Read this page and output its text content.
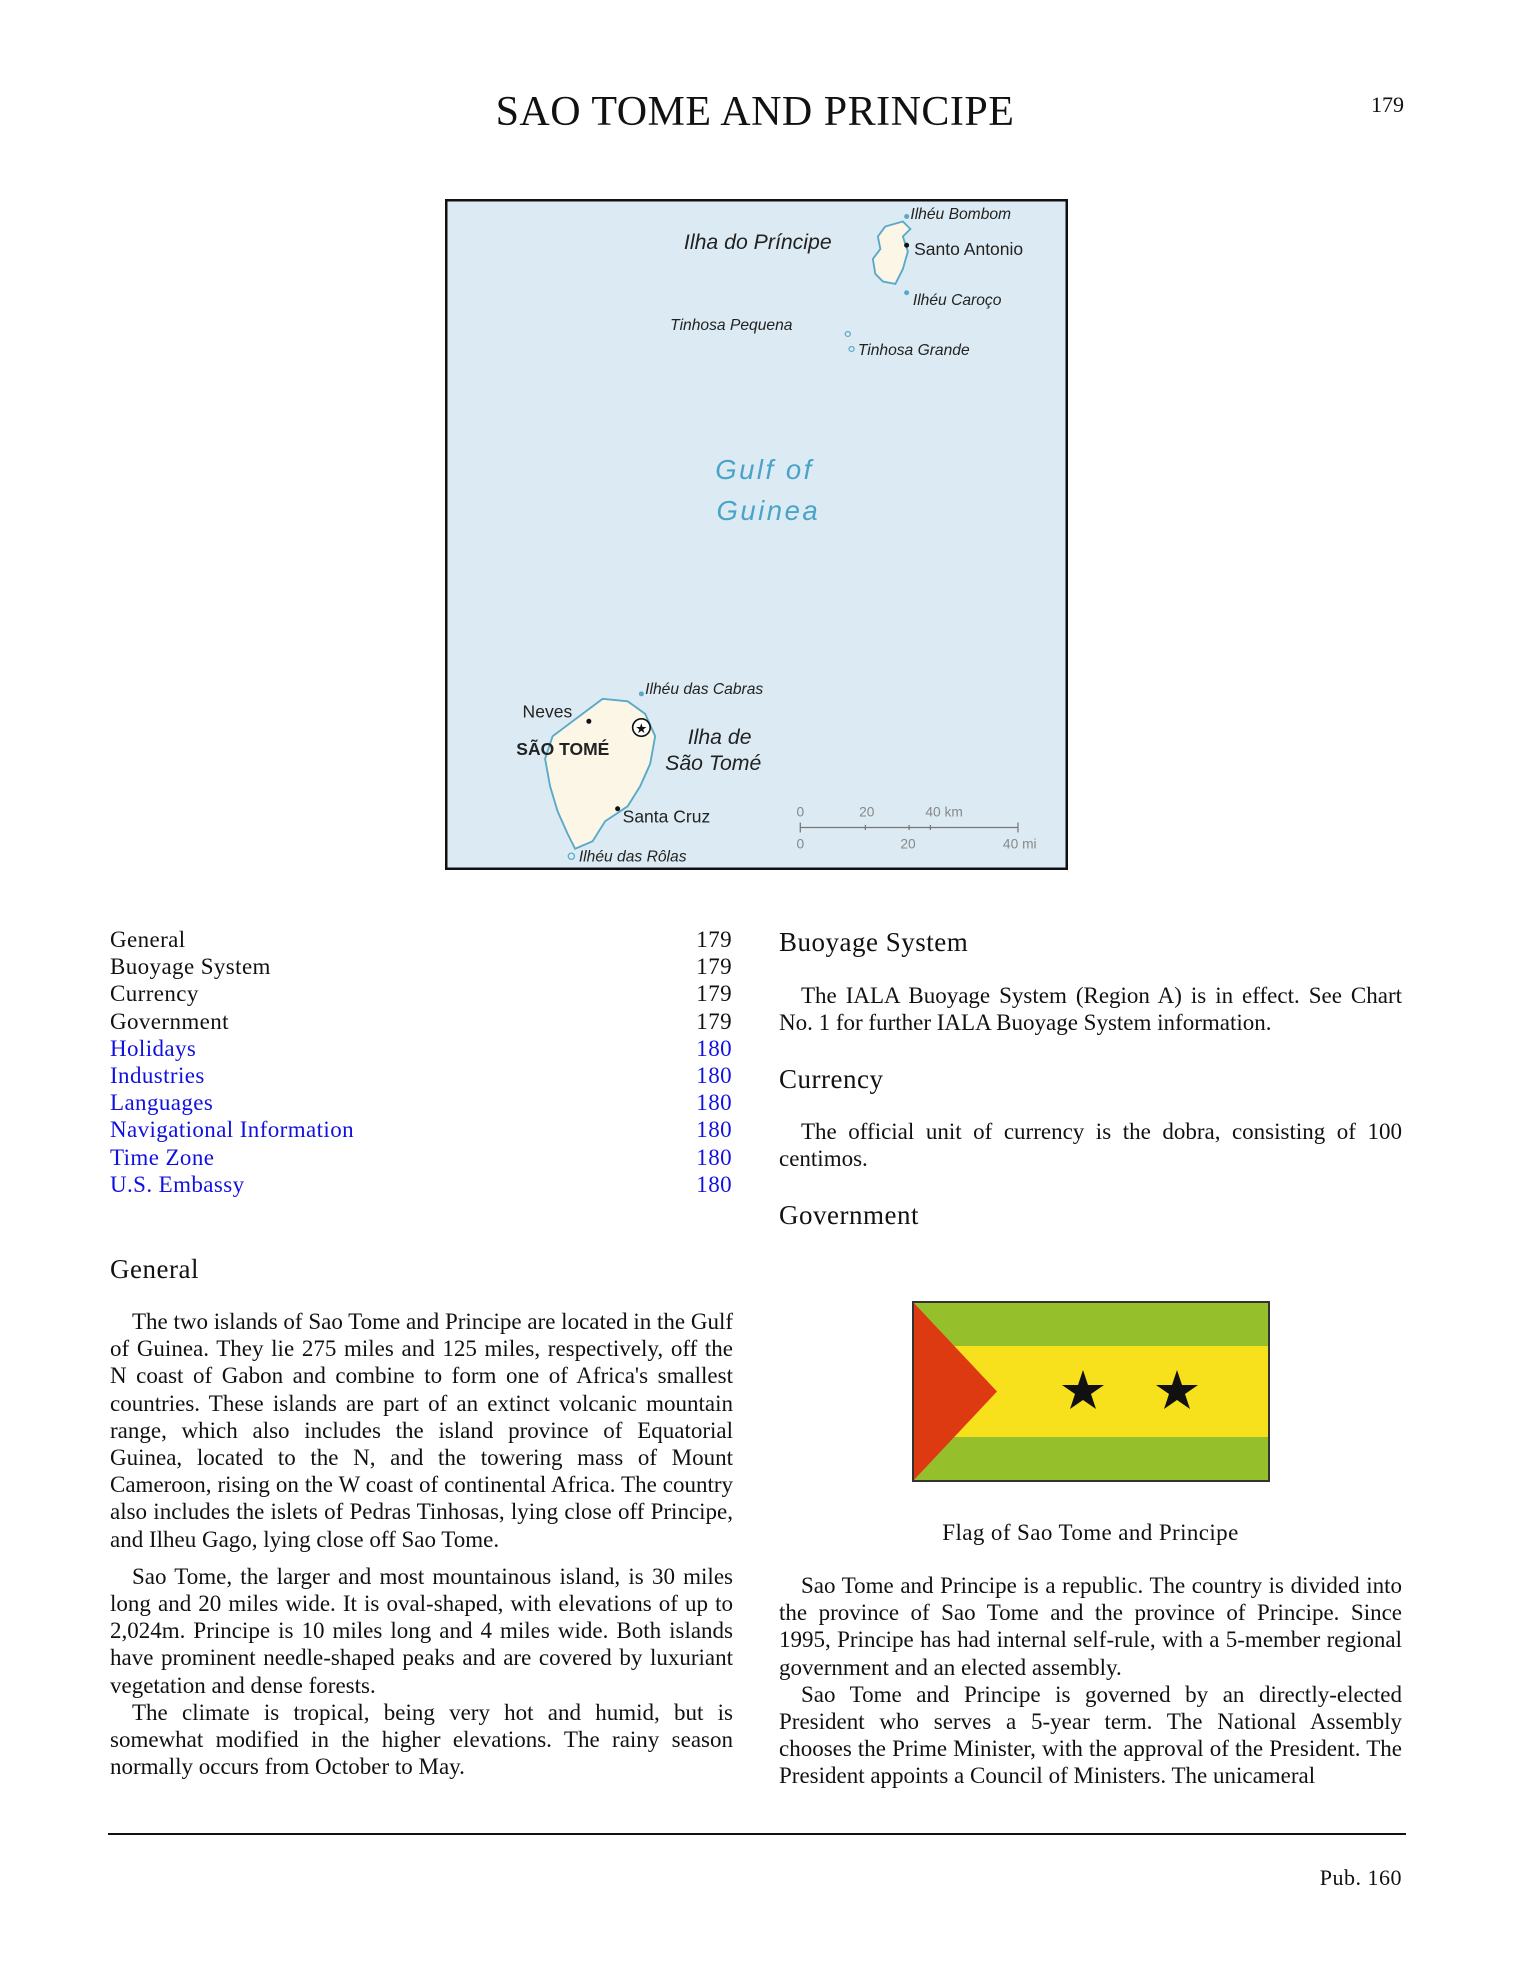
SAO TOME AND PRINCIPE	179
★
Ilhéu Bombom
Ilha do Príncipe	Santo Antonio
Ilhéu Caroço
Tinhosa Pequena
Tinhosa Grande
Gulf of
Guinea
Ilhéu das Cabras
Neves
SÃO TOMÉ
Ilha de
São Tomé
Santa Cruz
Ilhéu das Rôlas
0	20	40 km
0	20	40 mi
General	179
Buoyage System	179
Currency	179
Government	179
Holidays	180
Industries	180
Languages	180
Navigational Information	180
Time Zone	180
U.S. Embassy	180
General

The two islands of Sao Tome and Principe are located in the Gulf of Guinea. They lie 275 miles and 125 miles, respectively, off the N coast of Gabon and combine to form one of Africa's smallest countries. These islands are part of an extinct volcanic mountain range, which also includes the island province of Equatorial Guinea, located to the N, and the towering mass of Mount Cameroon, rising on the W coast of continental Africa. The country also includes the islets of Pedras Tinhosas, lying close off Principe, and Ilheu Gago, lying close off Sao Tome.

Sao Tome, the larger and most mountainous island, is 30 miles long and 20 miles wide. It is oval-shaped, with elevations of up to 2,024m. Principe is 10 miles long and 4 miles wide. Both islands have prominent needle-shaped peaks and are covered by luxuriant vegetation and dense forests.

The climate is tropical, being very hot and humid, but is somewhat modified in the higher elevations. The rainy season normally occurs from October to May.

Buoyage System

The IALA Buoyage System (Region A) is in effect. See Chart No. 1 for further IALA Buoyage System information.

Currency

The official unit of currency is the dobra, consisting of 100 centimos.

Government
Flag of Sao Tome and Principe

Sao Tome and Principe is a republic. The country is divided into the province of Sao Tome and the province of Principe. Since 1995, Principe has had internal self-rule, with a 5-member regional government and an elected assembly.

Sao Tome and Principe is governed by an directly-elected President who serves a 5-year term. The National Assembly chooses the Prime Minister, with the approval of the President. The President appoints a Council of Ministers. The unicameral

Pub. 160
